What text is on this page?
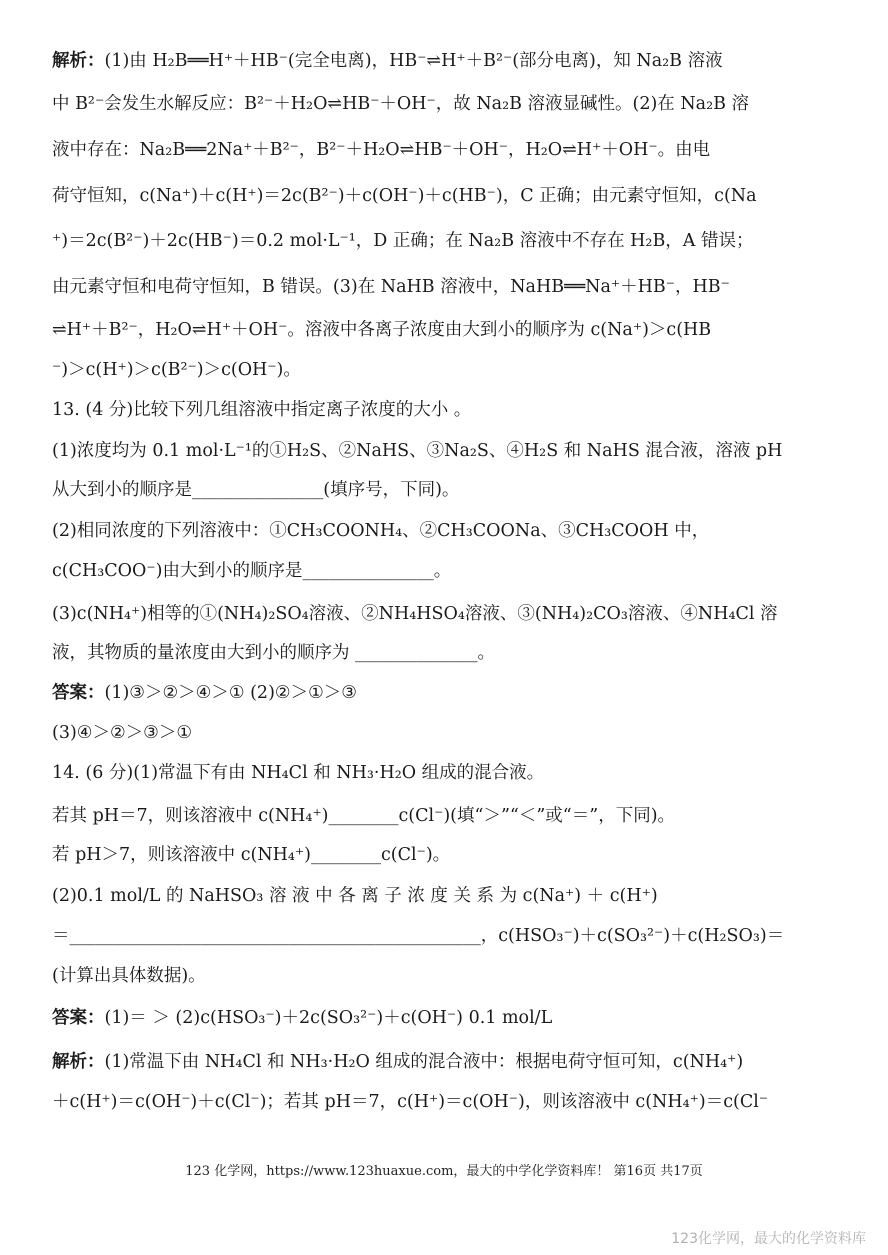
解析：(1)由 H₂B══H⁺＋HB⁻(完全电离)，HB⁻⇌H⁺＋B²⁻(部分电离)，知 Na₂B 溶液
中 B²⁻会发生水解反应：B²⁻＋H₂O⇌HB⁻＋OH⁻，故 Na₂B 溶液显碱性。(2)在 Na₂B 溶
液中存在：Na₂B══2Na⁺＋B²⁻，B²⁻＋H₂O⇌HB⁻＋OH⁻，H₂O⇌H⁺＋OH⁻。由电
荷守恒知，c(Na⁺)＋c(H⁺)＝2c(B²⁻)＋c(OH⁻)＋c(HB⁻)，C 正确；由元素守恒知，c(Na
⁺)＝2c(B²⁻)＋2c(HB⁻)＝0.2 mol·L⁻¹，D 正确；在 Na₂B 溶液中不存在 H₂B，A 错误；
由元素守恒和电荷守恒知，B 错误。(3)在 NaHB 溶液中，NaHB══Na⁺＋HB⁻，HB⁻
⇌H⁺＋B²⁻，H₂O⇌H⁺＋OH⁻。溶液中各离子浓度由大到小的顺序为 c(Na⁺)＞c(HB
⁻)＞c(H⁺)＞c(B²⁻)＞c(OH⁻)。
13. (4 分)比较下列几组溶液中指定离子浓度的大小 。
(1)浓度均为 0.1 mol·L⁻¹的①H₂S、②NaHS、③Na₂S、④H₂S 和 NaHS 混合液，溶液 pH
从大到小的顺序是_______________(填序号，下同)。
(2)相同浓度的下列溶液中：①CH₃COONH₄、②CH₃COONa、③CH₃COOH 中，
c(CH₃COO⁻)由大到小的顺序是_______________。
(3)c(NH₄⁺)相等的①(NH₄)₂SO₄溶液、②NH₄HSO₄溶液、③(NH₄)₂CO₃溶液、④NH₄Cl 溶
液，其物质的量浓度由大到小的顺序为 ______________。
答案：(1)③＞②＞④＞① (2)②＞①＞③
(3)④＞②＞③＞①
14. (6 分)(1)常温下有由 NH₄Cl 和 NH₃·H₂O 组成的混合液。
若其 pH＝7，则该溶液中 c(NH₄⁺)________c(Cl⁻)(填“＞”“＜”或“＝”，下同)。
若 pH＞7，则该溶液中 c(NH₄⁺)________c(Cl⁻)。
(2)0.1 mol/L 的 NaHSO₃ 溶 液 中 各 离 子 浓 度 关 系 为 c(Na⁺) ＋ c(H⁺)
＝_______________________________________________，c(HSO₃⁻)＋c(SO₃²⁻)＋c(H₂SO₃)＝
(计算出具体数据)。
答案：(1)＝ ＞ (2)c(HSO₃⁻)＋2c(SO₃²⁻)＋c(OH⁻) 0.1 mol/L
解析：(1)常温下由 NH₄Cl 和 NH₃·H₂O 组成的混合液中：根据电荷守恒可知，c(NH₄⁺)
＋c(H⁺)＝c(OH⁻)＋c(Cl⁻)；若其 pH＝7，c(H⁺)＝c(OH⁻)，则该溶液中 c(NH₄⁺)＝c(Cl⁻
123 化学网，https://www.123huaxue.com，最大的中学化学资料库！ 第16页 共17页
123化学网，最大的化学资料库
